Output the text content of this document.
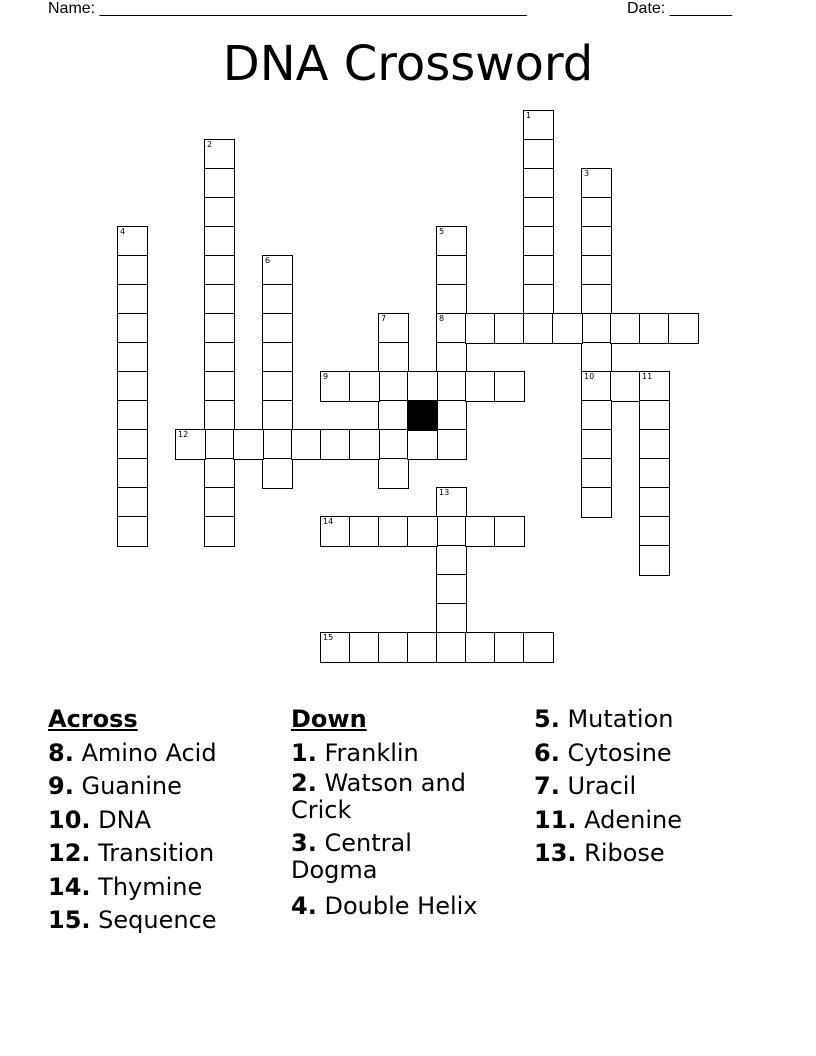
Name: ________________________________________________	Date: _______
DNA Crossword
1
2
3
4	5
8
6
7
9	10	11
12
13
14
15
Across
8. Amino Acid
9. Guanine
10. DNA
12. Transition
14. Thymine
15. Sequence
Down
1. Franklin
2. Watson and Crick
3. Central Dogma
4. Double Helix
5. Mutation
6. Cytosine
7. Uracil
11. Adenine
13. Ribose
